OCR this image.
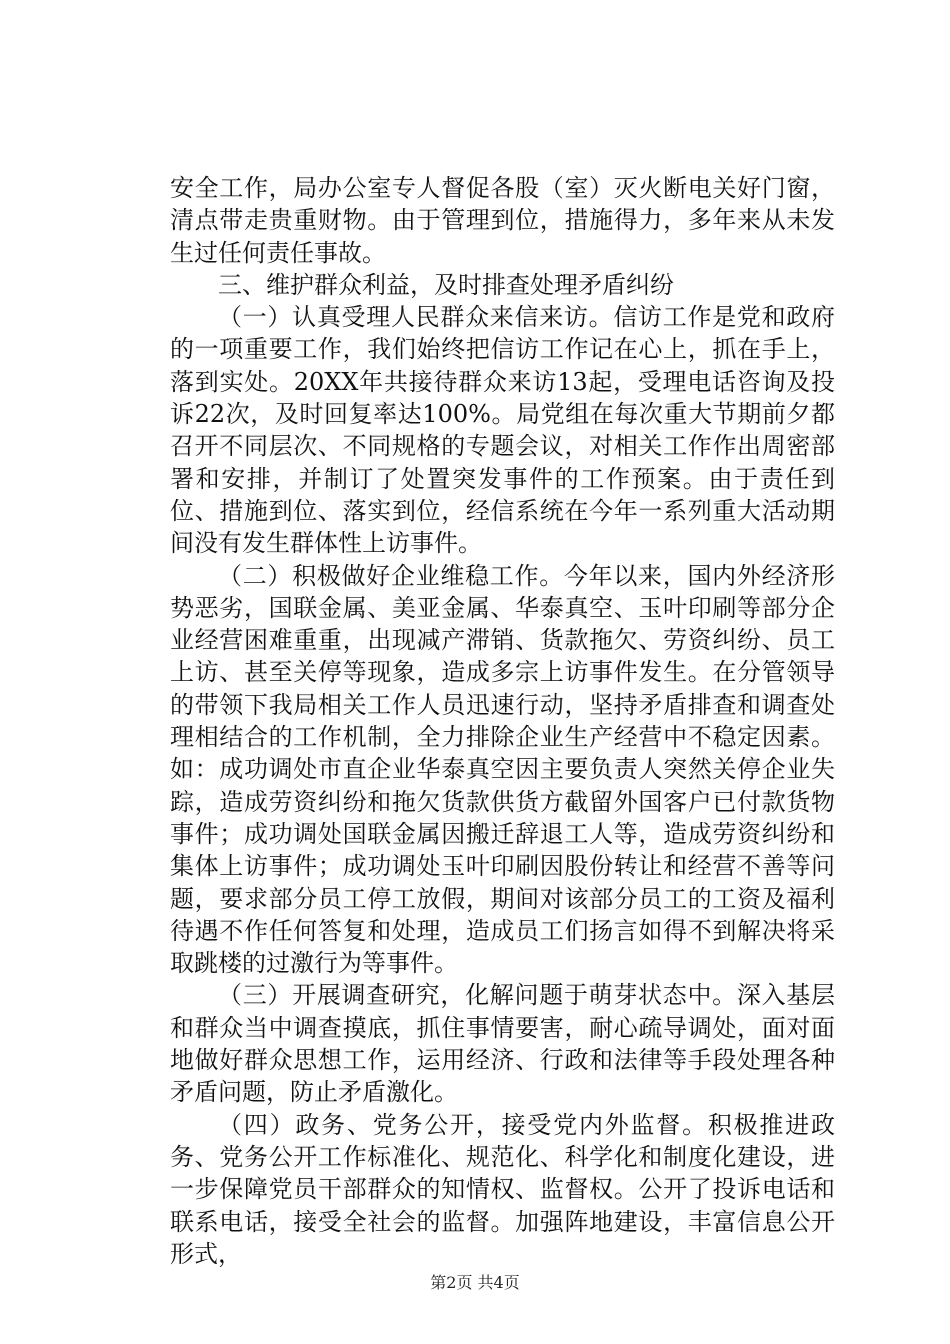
安全工作，局办公室专人督促各股（室）灭火断电关好门窗，清点带走贵重财物。由于管理到位，措施得力，多年来从未发生过任何责任事故。

三、维护群众利益，及时排查处理矛盾纠纷

（一）认真受理人民群众来信来访。信访工作是党和政府的一项重要工作，我们始终把信访工作记在心上，抓在手上，落到实处。20XX年共接待群众来访13起，受理电话咨询及投诉22次，及时回复率达100%。局党组在每次重大节期前夕都召开不同层次、不同规格的专题会议，对相关工作作出周密部署和安排，并制订了处置突发事件的工作预案。由于责任到位、措施到位、落实到位，经信系统在今年一系列重大活动期间没有发生群体性上访事件。

（二）积极做好企业维稳工作。今年以来，国内外经济形势恶劣，国联金属、美亚金属、华泰真空、玉叶印刷等部分企业经营困难重重，出现减产滞销、货款拖欠、劳资纠纷、员工上访、甚至关停等现象，造成多宗上访事件发生。在分管领导的带领下我局相关工作人员迅速行动，坚持矛盾排查和调查处理相结合的工作机制，全力排除企业生产经营中不稳定因素。如：成功调处市直企业华泰真空因主要负责人突然关停企业失踪，造成劳资纠纷和拖欠货款供货方截留外国客户已付款货物事件；成功调处国联金属因搬迁辞退工人等，造成劳资纠纷和集体上访事件；成功调处玉叶印刷因股份转让和经营不善等问题，要求部分员工停工放假，期间对该部分员工的工资及福利待遇不作任何答复和处理，造成员工们扬言如得不到解决将采取跳楼的过激行为等事件。

（三）开展调查研究，化解问题于萌芽状态中。深入基层和群众当中调查摸底，抓住事情要害，耐心疏导调处，面对面地做好群众思想工作，运用经济、行政和法律等手段处理各种矛盾问题，防止矛盾激化。

（四）政务、党务公开，接受党内外监督。积极推进政务、党务公开工作标准化、规范化、科学化和制度化建设，进一步保障党员干部群众的知情权、监督权。公开了投诉电话和联系电话，接受全社会的监督。加强阵地建设，丰富信息公开形式，

第2页 共4页
